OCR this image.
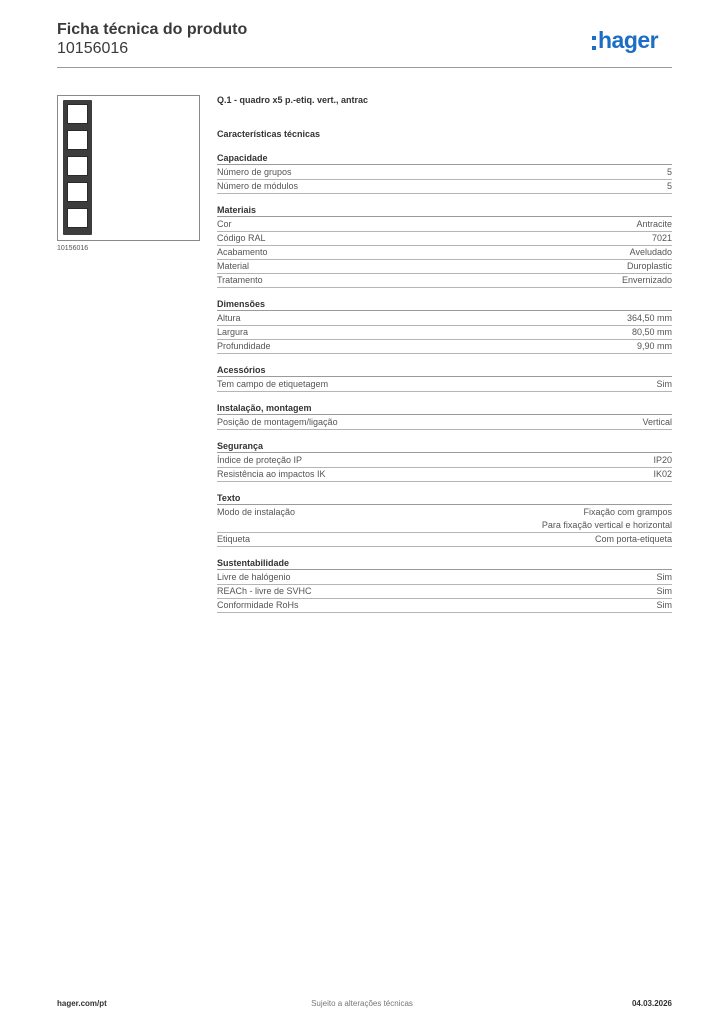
Ficha técnica do produto
10156016	hager
10156016
Q.1 - quadro x5 p.-etiq. vert., antrac
Características técnicas
Capacidade
Número de grupos	5
Número de módulos	5
Materiais
Cor	Antracite
Código RAL	7021
Acabamento	Aveludado
Material	Duroplastic
Tratamento	Envernizado
Dimensões
Altura	364,50 mm
Largura	80,50 mm
Profundidade	9,90 mm
Acessórios
Tem campo de etiquetagem	Sim
Instalação, montagem
Posição de montagem/ligação	Vertical
Segurança
Índice de proteção IP	IP20
Resistência ao impactos IK	IK02
Texto
Modo de instalação	Fixação com grampos
Para fixação vertical e horizontal
Etiqueta	Com porta-etiqueta
Sustentabilidade
Livre de halógenio	Sim
REACh - livre de SVHC	Sim
Conformidade RoHs	Sim
hager.com/pt	Sujeito a alterações técnicas	04.03.2026
